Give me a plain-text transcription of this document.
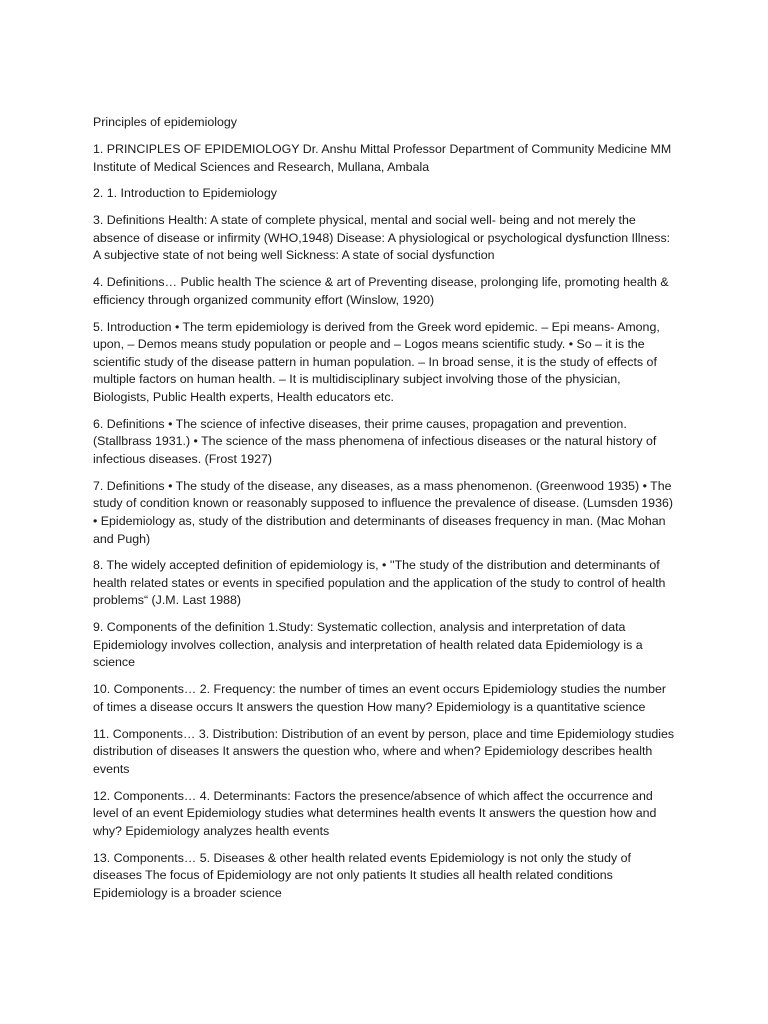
Principles of epidemiology

1. PRINCIPLES OF EPIDEMIOLOGY Dr. Anshu Mittal Professor Department of Community Medicine MM Institute of Medical Sciences and Research, Mullana, Ambala

2. 1. Introduction to Epidemiology

3. Definitions Health: A state of complete physical, mental and social well- being and not merely the absence of disease or infirmity (WHO,1948) Disease: A physiological or psychological dysfunction Illness: A subjective state of not being well Sickness: A state of social dysfunction

4. Definitions… Public health The science & art of Preventing disease, prolonging life, promoting health & efficiency through organized community effort (Winslow, 1920)

5. Introduction • The term epidemiology is derived from the Greek word epidemic. – Epi means- Among, upon, – Demos means study population or people and – Logos means scientific study. • So – it is the scientific study of the disease pattern in human population. – In broad sense, it is the study of effects of multiple factors on human health. – It is multidisciplinary subject involving those of the physician, Biologists, Public Health experts, Health educators etc.

6. Definitions • The science of infective diseases, their prime causes, propagation and prevention. (Stallbrass 1931.) • The science of the mass phenomena of infectious diseases or the natural history of infectious diseases. (Frost 1927)

7. Definitions • The study of the disease, any diseases, as a mass phenomenon. (Greenwood 1935) • The study of condition known or reasonably supposed to influence the prevalence of disease. (Lumsden 1936) • Epidemiology as, study of the distribution and determinants of diseases frequency in man. (Mac Mohan and Pugh)

8. The widely accepted definition of epidemiology is, • ''The study of the distribution and determinants of health related states or events in specified population and the application of the study to control of health problems“ (J.M. Last 1988)

9. Components of the definition 1.Study: Systematic collection, analysis and interpretation of data Epidemiology involves collection, analysis and interpretation of health related data Epidemiology is a science

10. Components… 2. Frequency: the number of times an event occurs Epidemiology studies the number of times a disease occurs It answers the question How many? Epidemiology is a quantitative science

11. Components… 3. Distribution: Distribution of an event by person, place and time Epidemiology studies distribution of diseases It answers the question who, where and when? Epidemiology describes health events

12. Components… 4. Determinants: Factors the presence/absence of which affect the occurrence and level of an event Epidemiology studies what determines health events It answers the question how and why? Epidemiology analyzes health events

13. Components… 5. Diseases & other health related events Epidemiology is not only the study of diseases The focus of Epidemiology are not only patients It studies all health related conditions Epidemiology is a broader science
